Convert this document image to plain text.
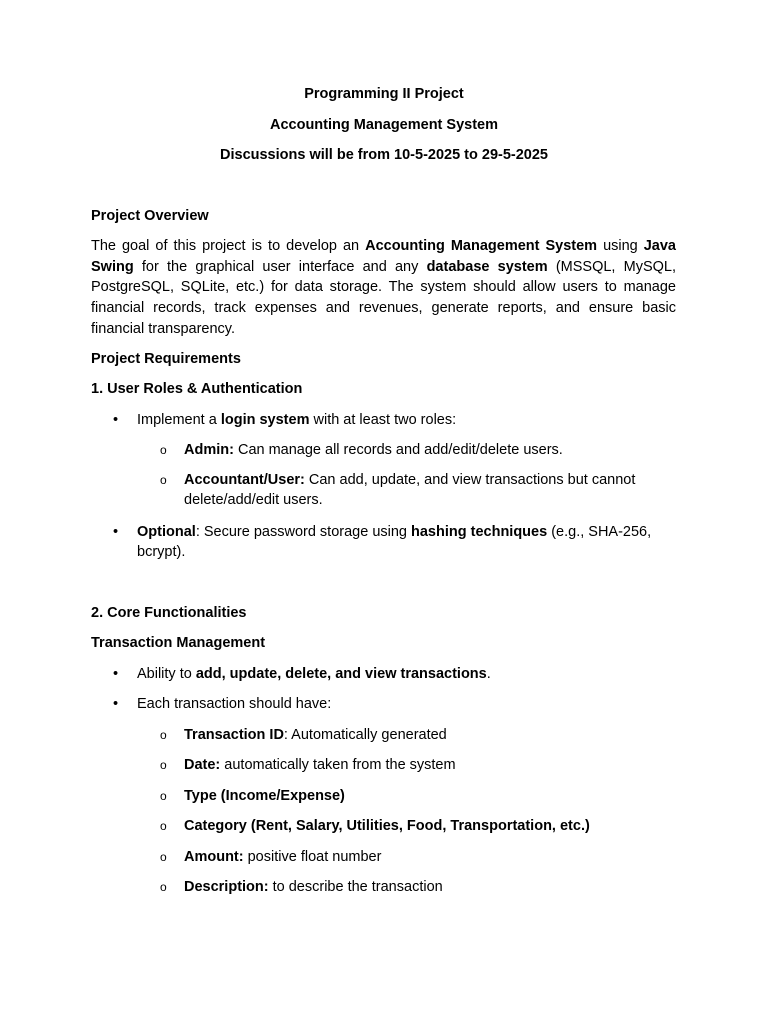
Programming II Project
Accounting Management System
Discussions will be from 10-5-2025 to 29-5-2025
Project Overview

The goal of this project is to develop an Accounting Management System using Java Swing for the graphical user interface and any database system (MSSQL, MySQL, PostgreSQL, SQLite, etc.) for data storage. The system should allow users to manage financial records, track expenses and revenues, generate reports, and ensure basic financial transparency.

Project Requirements
1. User Roles & Authentication
•	Implement a login system with at least two roles:
o Admin: Can manage all records and add/edit/delete users.
o Accountant/User: Can add, update, and view transactions but cannot delete/add/edit users.
•	Optional: Secure password storage using hashing techniques (e.g., SHA-256, bcrypt).
2. Core Functionalities
Transaction Management
•	Ability to add, update, delete, and view transactions.
•	Each transaction should have:
o Transaction ID: Automatically generated
o Date: automatically taken from the system
o Type (Income/Expense)
o Category (Rent, Salary, Utilities, Food, Transportation, etc.)
o Amount: positive float number
o Description: to describe the transaction
